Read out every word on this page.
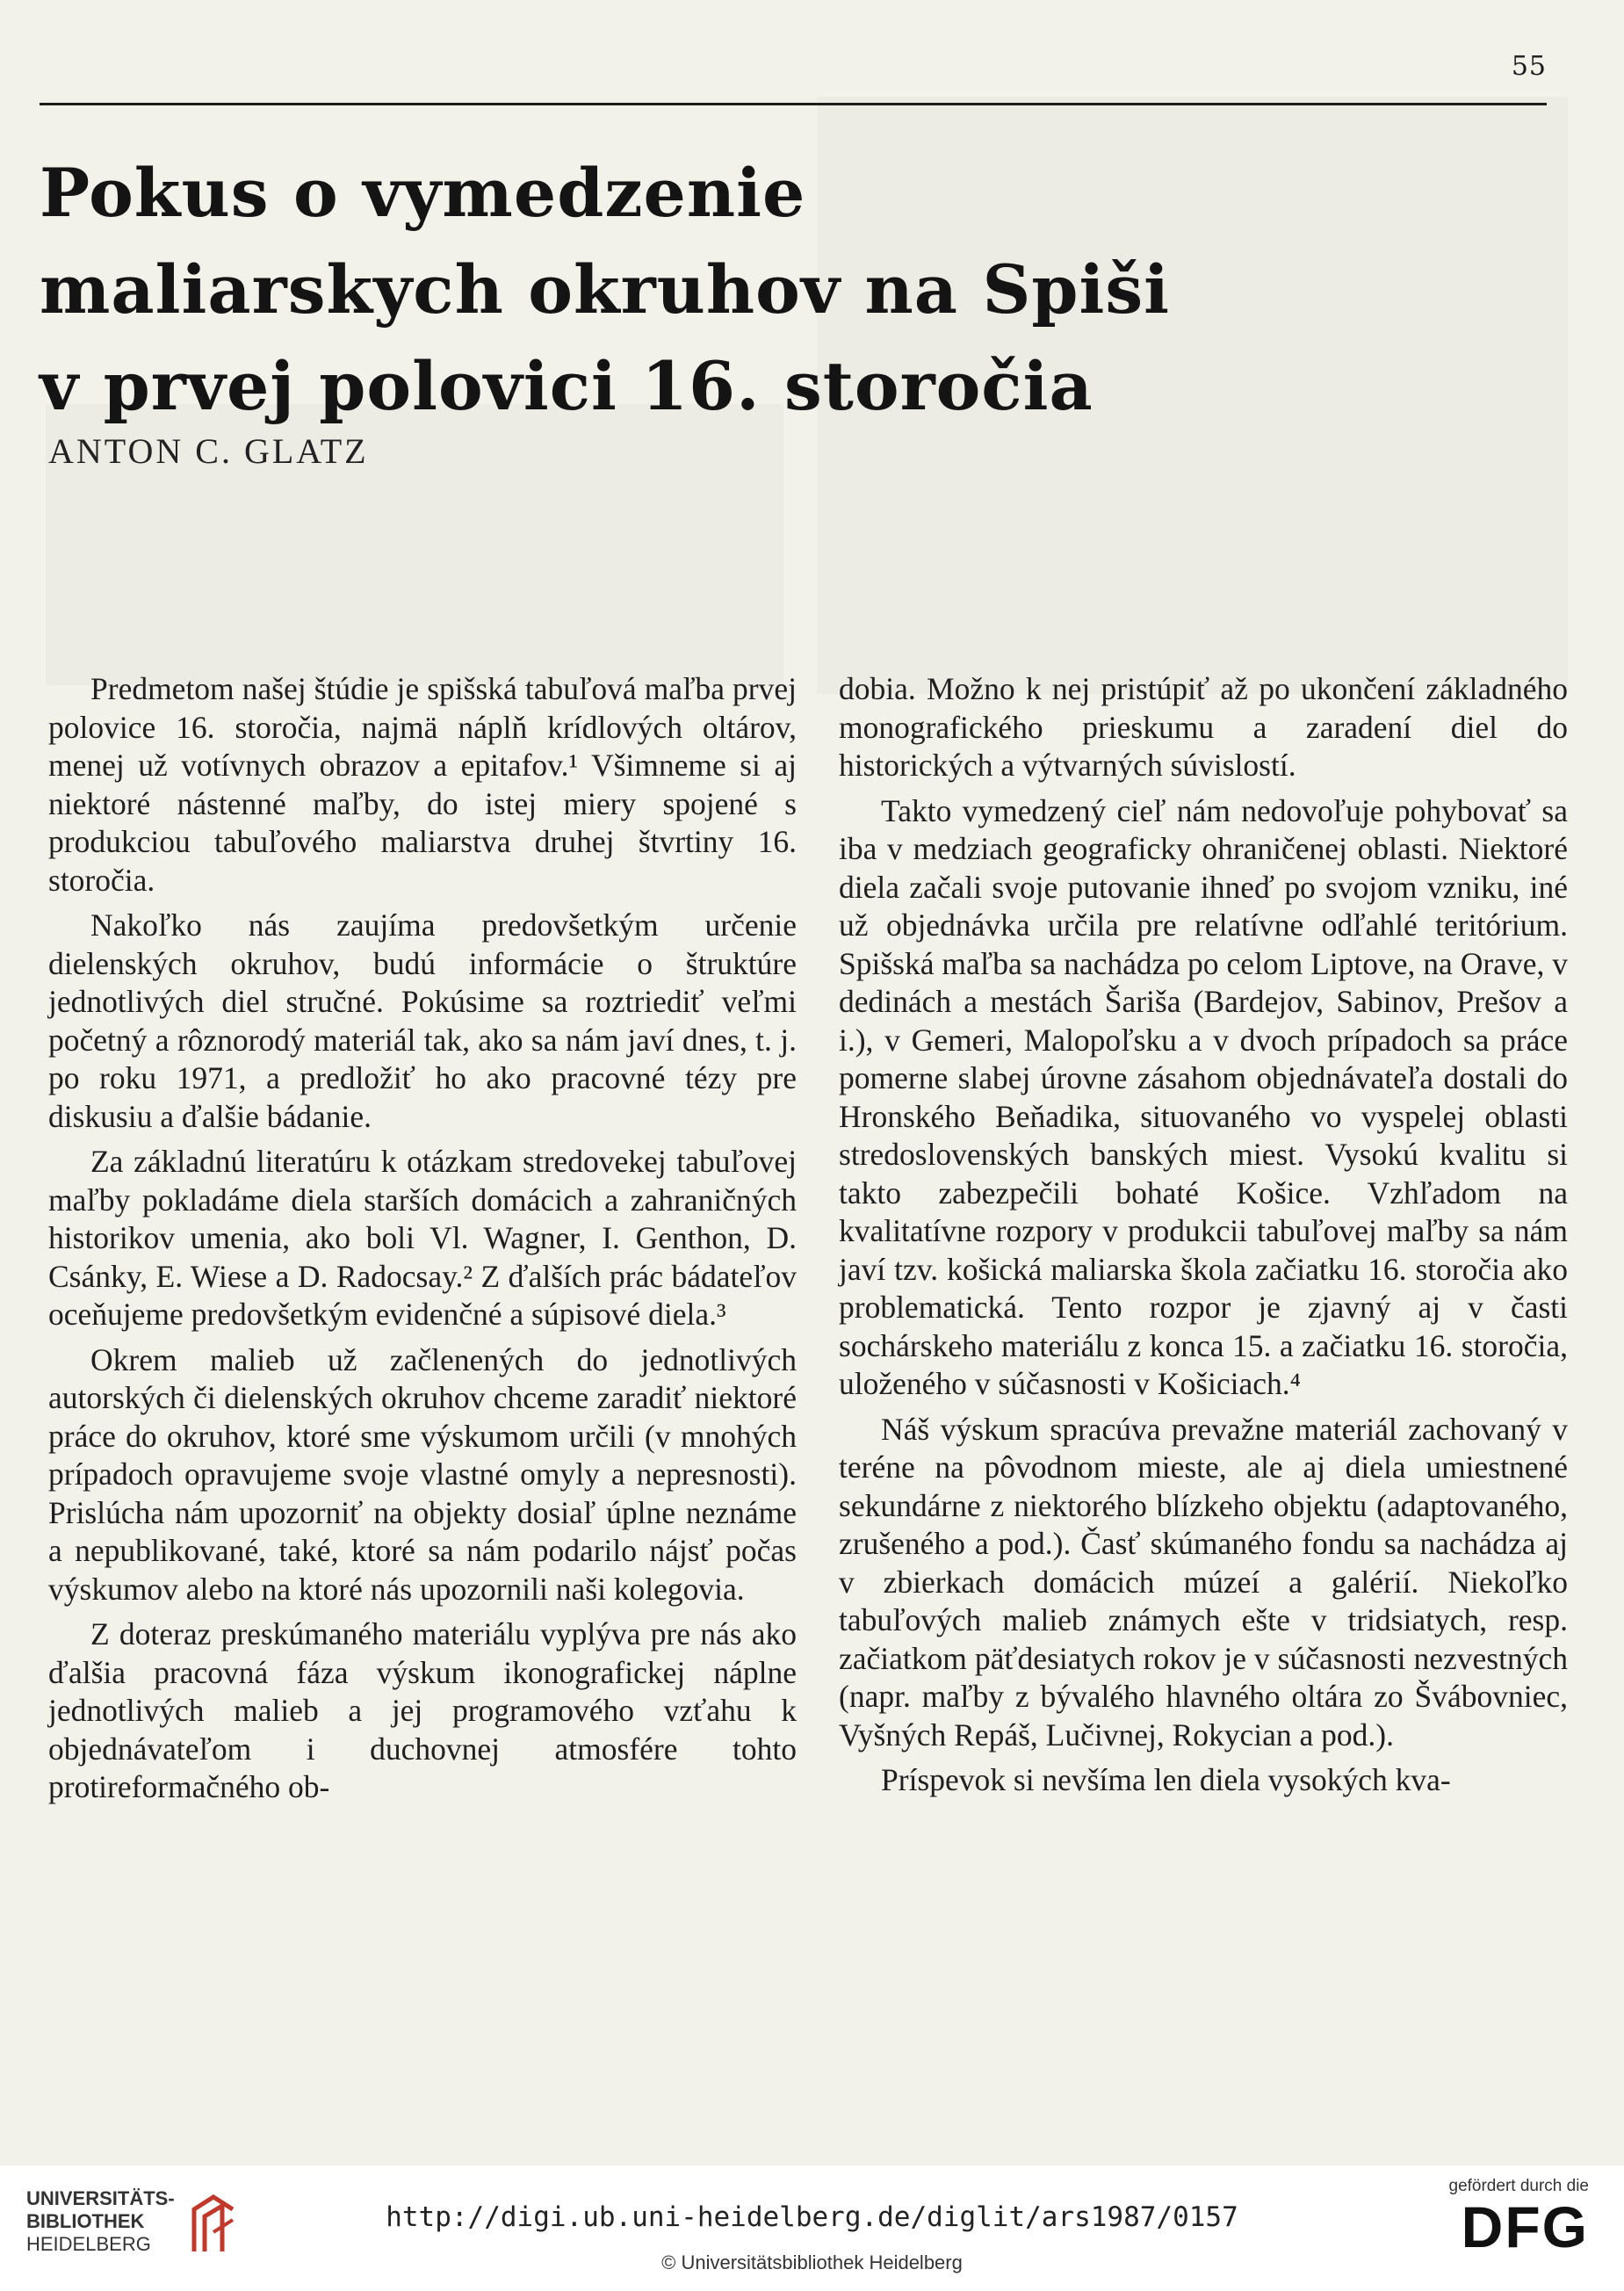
55
Pokus o vymedzenie
maliarskych okruhov na Spiši
v prvej polovici 16. storočia
ANTON C. GLATZ

Predmetom našej štúdie je spišská tabuľová maľba prvej polovice 16. storočia, najmä náplň krídlových oltárov, menej už votívnych obrazov a epitafov.¹ Všimneme si aj niektoré nástenné maľby, do istej miery spojené s produkciou tabuľového maliarstva druhej štvrtiny 16. storočia.

Nakoľko nás zaujíma predovšetkým určenie dielenských okruhov, budú informácie o štruktúre jednotlivých diel stručné. Pokúsime sa roztriediť veľmi početný a rôznorodý materiál tak, ako sa nám javí dnes, t. j. po roku 1971, a predložiť ho ako pracovné tézy pre diskusiu a ďalšie bádanie.

Za základnú literatúru k otázkam stredovekej tabuľovej maľby pokladáme diela starších domácich a zahraničných historikov umenia, ako boli Vl. Wagner, I. Genthon, D. Csánky, E. Wiese a D. Radocsay.² Z ďalších prác bádateľov oceňujeme predovšetkým evidenčné a súpisové diela.³

Okrem malieb už začlenených do jednotlivých autorských či dielenských okruhov chceme zaradiť niektoré práce do okruhov, ktoré sme výskumom určili (v mnohých prípadoch opravujeme svoje vlastné omyly a nepresnosti). Prislúcha nám upozorniť na objekty dosiaľ úplne neznáme a nepublikované, také, ktoré sa nám podarilo nájsť počas výskumov alebo na ktoré nás upozornili naši kolegovia.

Z doteraz preskúmaného materiálu vyplýva pre nás ako ďalšia pracovná fáza výskum ikonografickej náplne jednotlivých malieb a jej programového vzťahu k objednávateľom i duchovnej atmosfére tohto protireformačného ob-

dobia. Možno k nej pristúpiť až po ukončení základného monografického prieskumu a zaradení diel do historických a výtvarných súvislostí.

Takto vymedzený cieľ nám nedovoľuje pohybovať sa iba v medziach geograficky ohraničenej oblasti. Niektoré diela začali svoje putovanie ihneď po svojom vzniku, iné už objednávka určila pre relatívne odľahlé teritórium. Spišská maľba sa nachádza po celom Liptove, na Orave, v dedinách a mestách Šariša (Bardejov, Sabinov, Prešov a i.), v Gemeri, Malopoľsku a v dvoch prípadoch sa práce pomerne slabej úrovne zásahom objednávateľa dostali do Hronského Beňadika, situovaného vo vyspelej oblasti stredoslovenských banských miest. Vysokú kvalitu si takto zabezpečili bohaté Košice. Vzhľadom na kvalitatívne rozpory v produkcii tabuľovej maľby sa nám javí tzv. košická maliarska škola začiatku 16. storočia ako problematická. Tento rozpor je zjavný aj v časti sochárskeho materiálu z konca 15. a začiatku 16. storočia, uloženého v súčasnosti v Košiciach.⁴

Náš výskum spracúva prevažne materiál zachovaný v teréne na pôvodnom mieste, ale aj diela umiestnené sekundárne z niektorého blízkeho objektu (adaptovaného, zrušeného a pod.). Časť skúmaného fondu sa nachádza aj v zbierkach domácich múzeí a galérií. Niekoľko tabuľových malieb známych ešte v tridsiatych, resp. začiatkom päťdesiatych rokov je v súčasnosti nezvestných (napr. maľby z bývalého hlavného oltára zo Švábovniec, Vyšných Repáš, Lučivnej, Rokycian a pod.).

Príspevok si nevšíma len diela vysokých kva-

UNIVERSITÄTS-
BIBLIOTHEK
HEIDELBERG
http://digi.ub.uni-heidelberg.de/diglit/ars1987/0157
© Universitätsbibliothek Heidelberg
gefördert durch die
DFG
